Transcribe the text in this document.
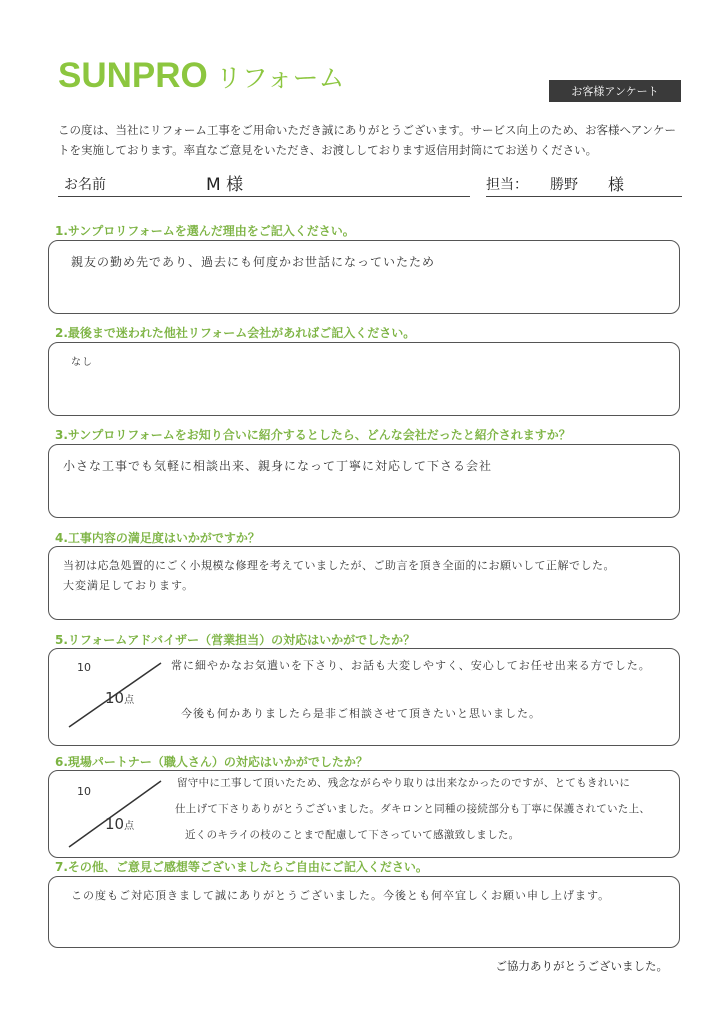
SUNPRO リフォーム	お客様アンケート
この度は、当社にリフォーム工事をご用命いただき誠にありがとうございます。サービス向上のため、お客様へアンケー
トを実施しております。率直なご意見をいただき、お渡ししております返信用封筒にてお送りください。
お名前	M 様	担当： 勝野 様
1.サンプロリフォームを選んだ理由をご記入ください。
親友の勤め先であり、過去にも何度かお世話になっていたため
2.最後まで迷われた他社リフォーム会社があればご記入ください。
なし
3.サンプロリフォームをお知り合いに紹介するとしたら、どんな会社だったと紹介されますか？
小さな工事でも気軽に相談出来、親身になって丁寧に対応して下さる会社
4.工事内容の満足度はいかがですか？
当初は応急処置的にごく小規模な修理を考えていましたが、ご助言を頂き全面的にお願いして正解でした。
大変満足しております。
5.リフォームアドバイザー（営業担当）の対応はいかがでしたか？
10
10点
常に細やかなお気遣いを下さり、お話も大変しやすく、安心してお任せ出来る方でした。
今後も何かありましたら是非ご相談させて頂きたいと思いました。
6.現場パートナー（職人さん）の対応はいかがでしたか？
10
10点
留守中に工事して頂いたため、残念ながらやり取りは出来なかったのですが、とてもきれいに
仕上げて下さりありがとうございました。ダキロンと同種の接続部分も丁寧に保護されていた上、
近くのキライの枝のことまで配慮して下さっていて感激致しました。
7.その他、ご意見ご感想等ございましたらご自由にご記入ください。
この度もご対応頂きまして誠にありがとうございました。今後とも何卒宜しくお願い申し上げます。
ご協力ありがとうございました。
